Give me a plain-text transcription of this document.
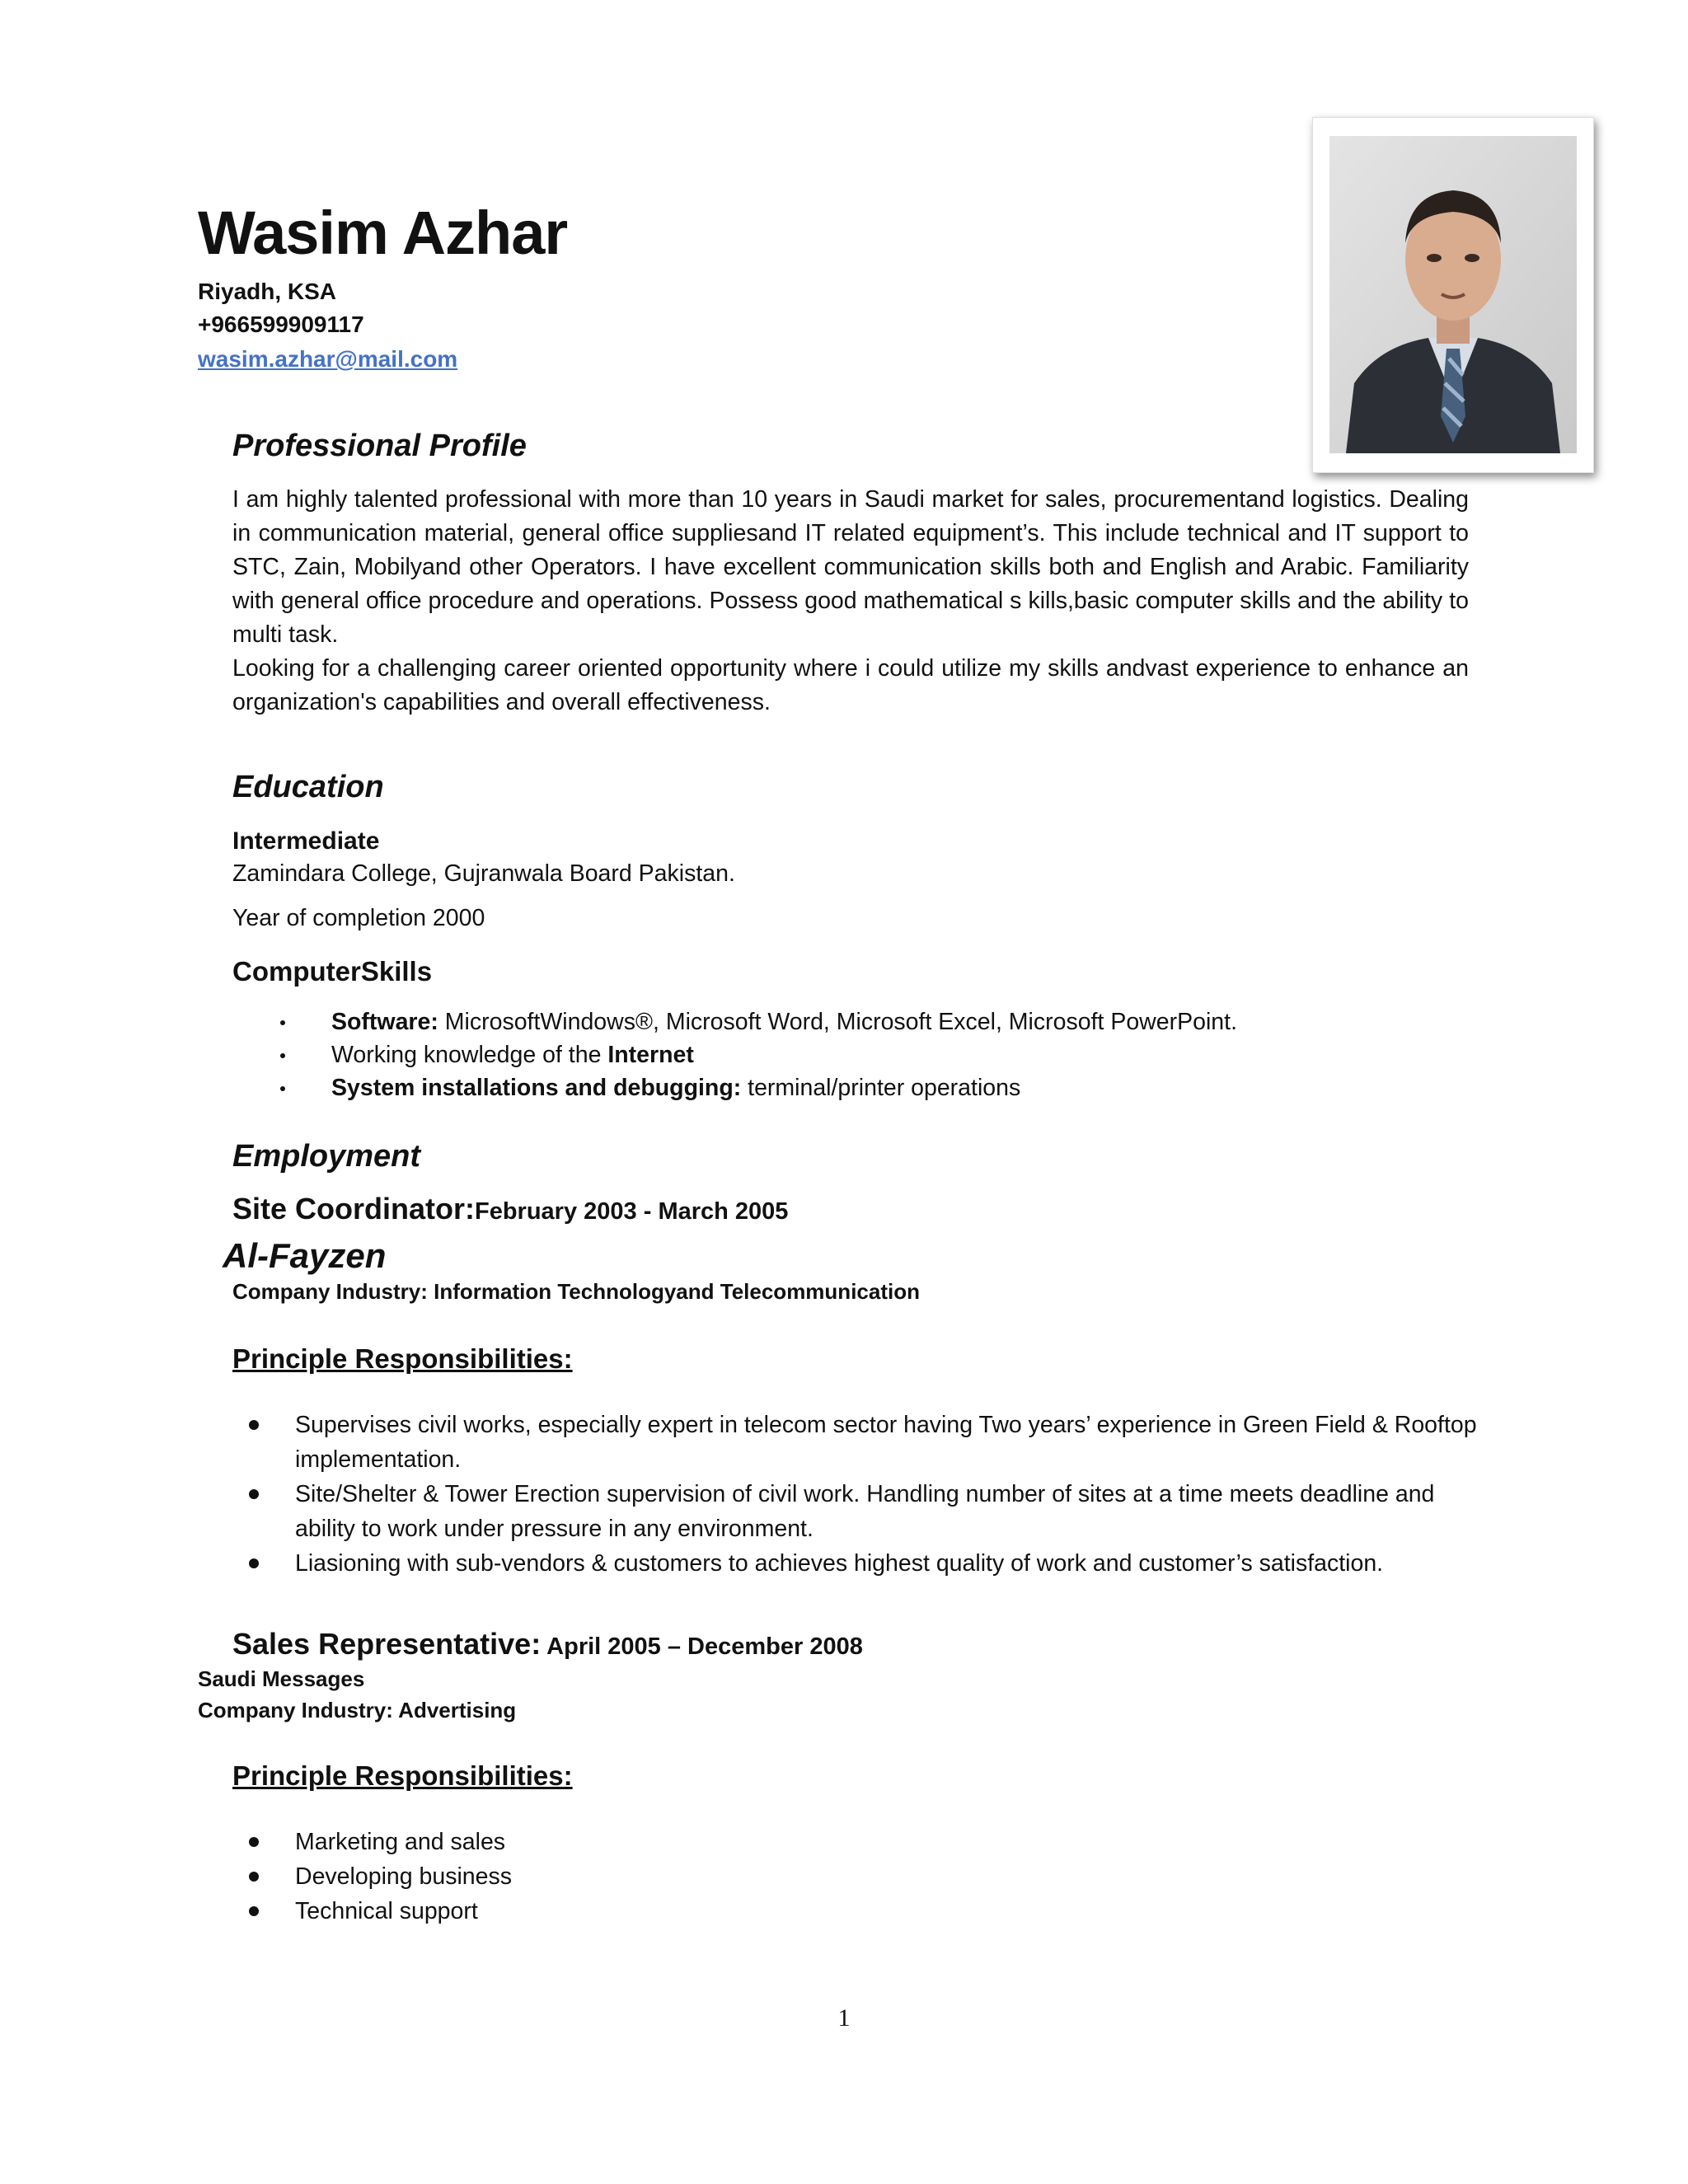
Wasim Azhar
Riyadh, KSA
+966599909117
wasim.azhar@mail.com
Professional Profile

I am highly talented professional with more than 10 years in Saudi market for sales, procurementand logistics. Dealing in communication material, general office suppliesand IT related equipment’s. This include technical and IT support to STC, Zain, Mobilyand other Operators. I have excellent communication skills both and English and Arabic. Familiarity with general office procedure and operations. Possess good mathematical s kills,basic computer skills and the ability to multi task.

Looking for a challenging career oriented opportunity where i could utilize my skills andvast experience to enhance an organization's capabilities and overall effectiveness.

Education
Intermediate
Zamindara College, Gujranwala Board Pakistan.
Year of completion 2000
ComputerSkills
Software: MicrosoftWindows®, Microsoft Word, Microsoft Excel, Microsoft PowerPoint.
Working knowledge of the Internet
System installations and debugging: terminal/printer operations
Employment
Site Coordinator:February 2003 - March 2005
Al-Fayzen
Company Industry: Information Technologyand Telecommunication
Principle Responsibilities:
Supervises civil works, especially expert in telecom sector having Two years’ experience in Green Field & Rooftop implementation.
Site/Shelter & Tower Erection supervision of civil work. Handling number of sites at a time meets deadline and ability to work under pressure in any environment.
Liasioning with sub-vendors & customers to achieves highest quality of work and customer’s satisfaction.
Sales Representative: April 2005 – December 2008
Saudi Messages
Company Industry: Advertising
Principle Responsibilities:
Marketing and sales
Developing business
Technical support
1
